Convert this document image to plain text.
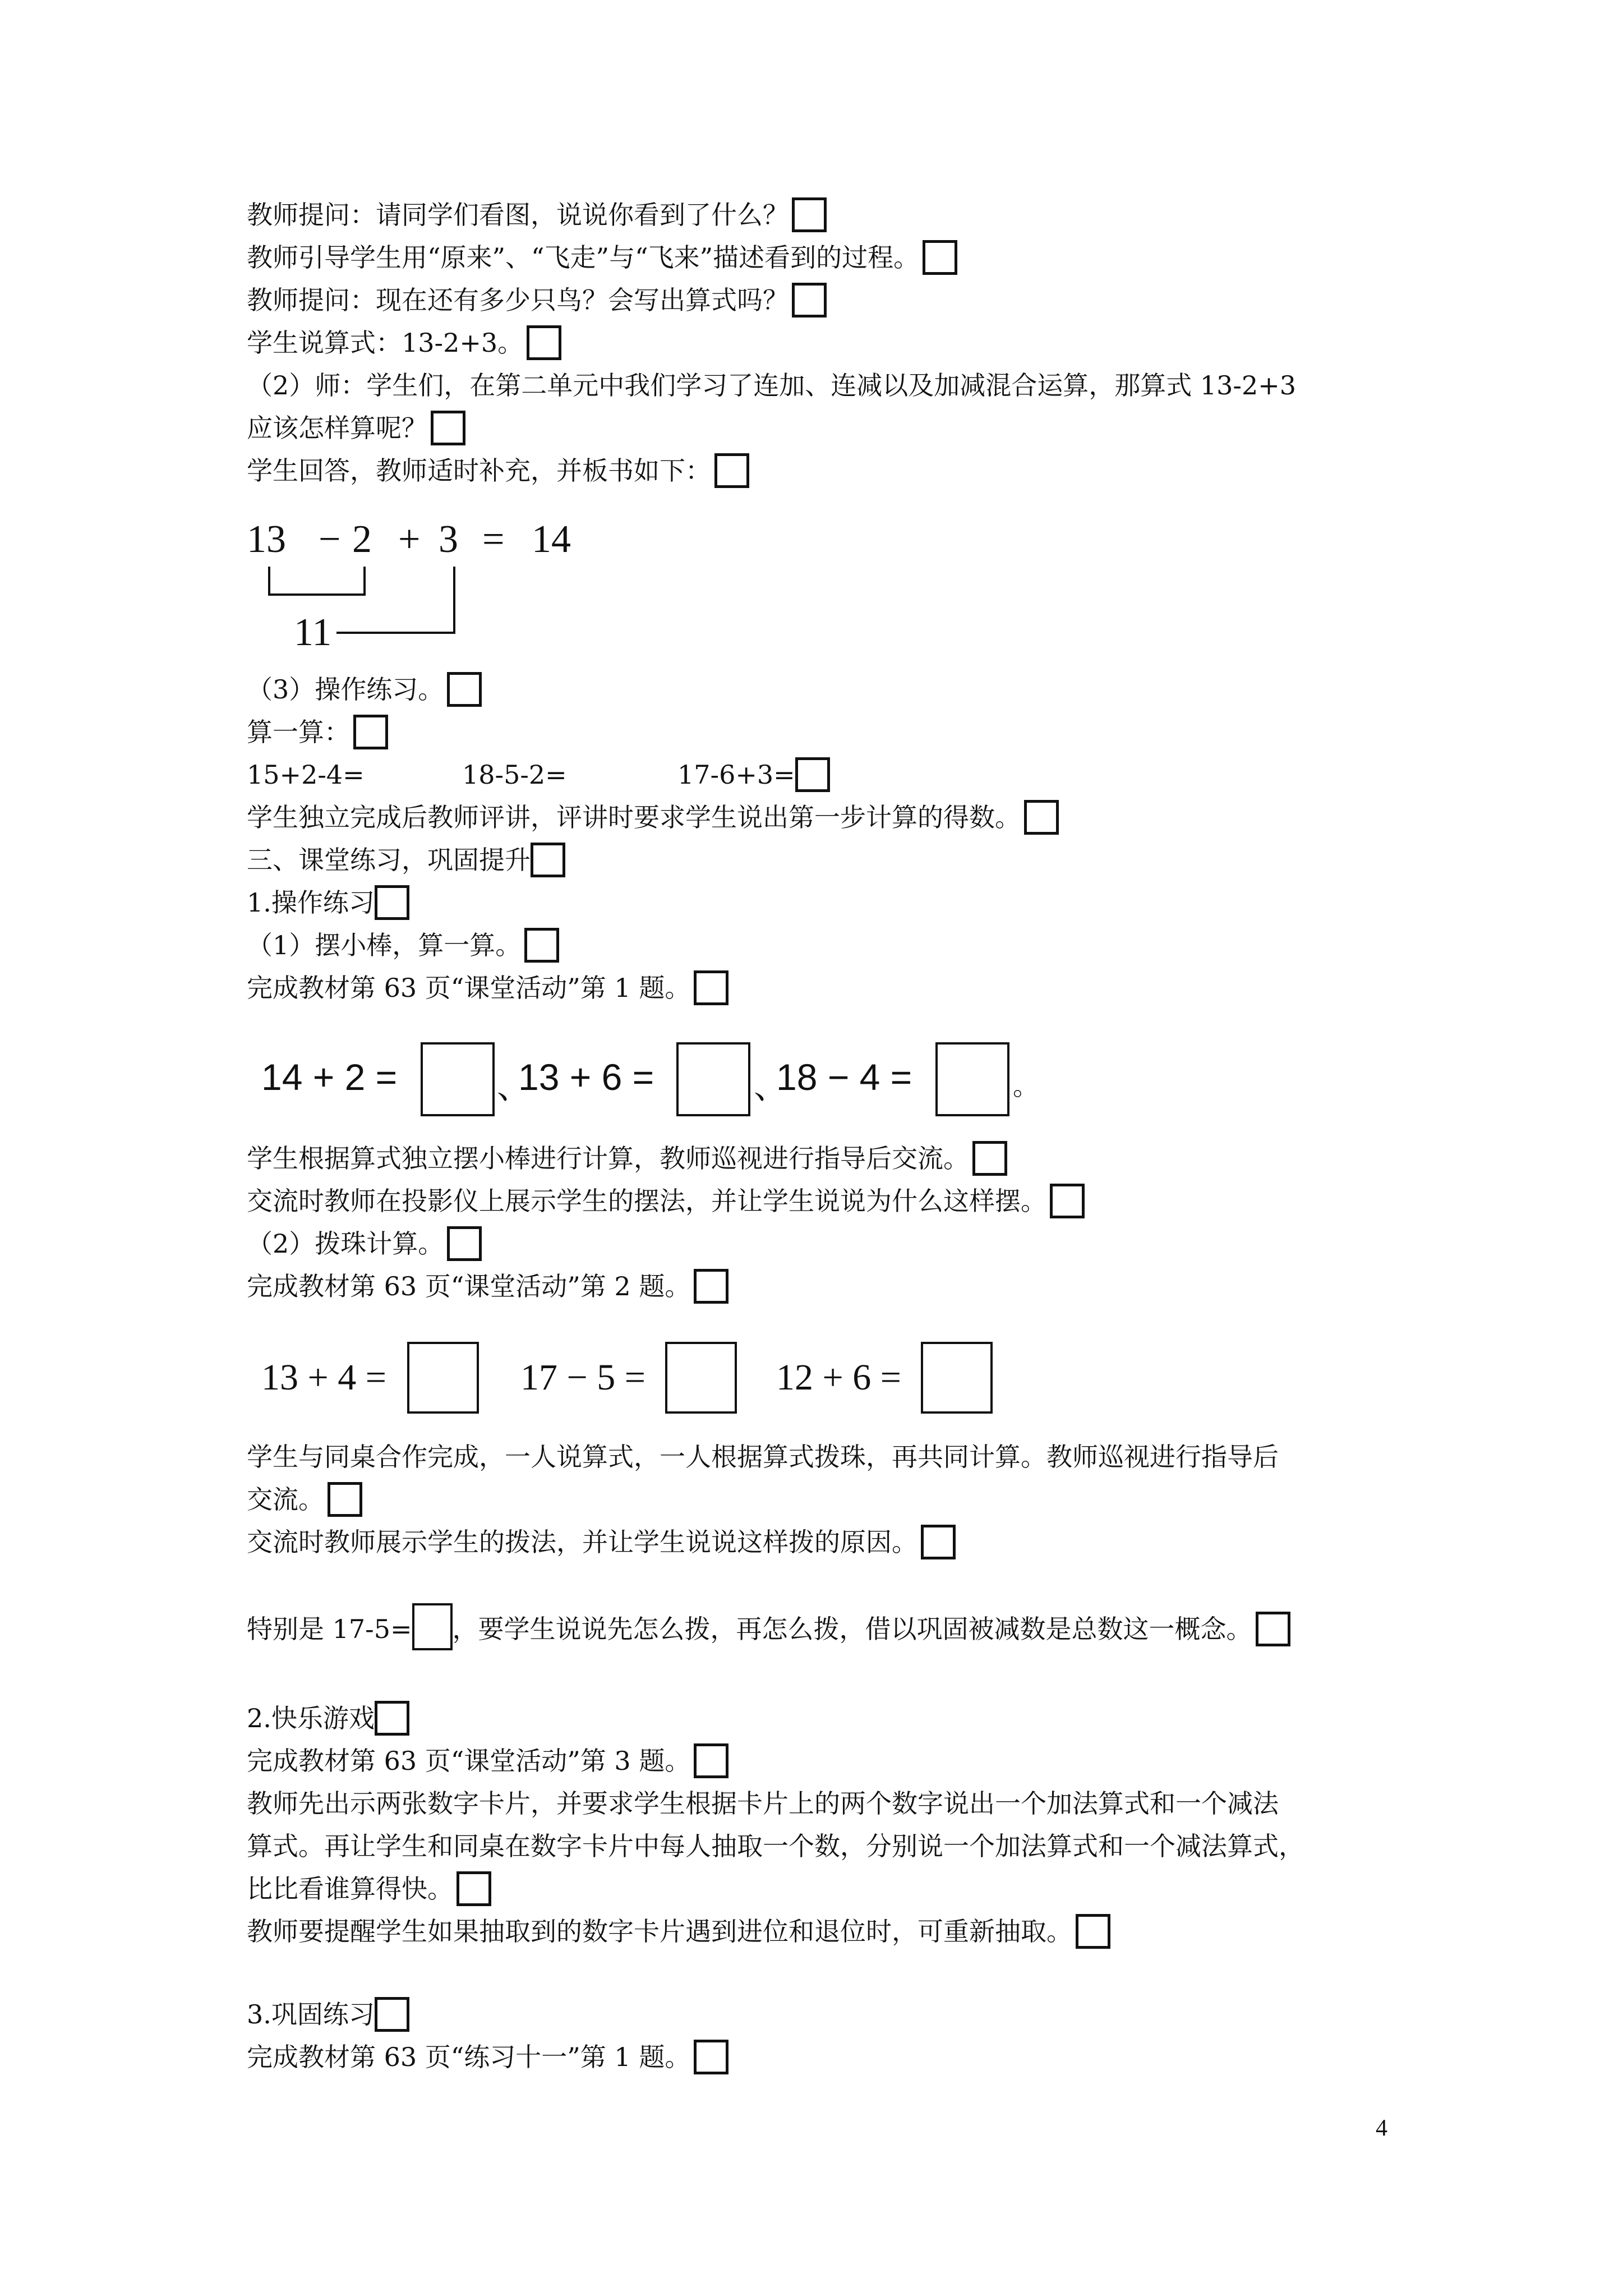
教师提问：请同学们看图，说说你看到了什么？
教师引导学生用“原来”、“飞走”与“飞来”描述看到的过程。
教师提问：现在还有多少只鸟？会写出算式吗？
学生说算式：13-2+3。
（2）师：学生们，在第二单元中我们学习了连加、连减以及加减混合运算，那算式 13-2+3
应该怎样算呢？
学生回答，教师适时补充，并板书如下：
13 − 2 + 3 = 14
11
（3）操作练习。
算一算：
15+2-4=	18-5-2=	17-6+3=
学生独立完成后教师评讲，评讲时要求学生说出第一步计算的得数。
三、课堂练习，巩固提升
1.操作练习
（1）摆小棒，算一算。
完成教材第 63 页“课堂活动”第 1 题。
14 + 2 =	、
13 + 6 =	、
18 − 4 =	。
学生根据算式独立摆小棒进行计算，教师巡视进行指导后交流。
交流时教师在投影仪上展示学生的摆法，并让学生说说为什么这样摆。
（2）拨珠计算。
完成教材第 63 页“课堂活动”第 2 题。
13 + 4 =	17 − 5 =	12 + 6 =
学生与同桌合作完成，一人说算式，一人根据算式拨珠，再共同计算。教师巡视进行指导后
交流。
交流时教师展示学生的拨法，并让学生说说这样拨的原因。
特别是 17-5= ，要学生说说先怎么拨，再怎么拨，借以巩固被减数是总数这一概念。
2.快乐游戏
完成教材第 63 页“课堂活动”第 3 题。
教师先出示两张数字卡片，并要求学生根据卡片上的两个数字说出一个加法算式和一个减法
算式。再让学生和同桌在数字卡片中每人抽取一个数，分别说一个加法算式和一个减法算式，
比比看谁算得快。
教师要提醒学生如果抽取到的数字卡片遇到进位和退位时，可重新抽取。
3.巩固练习
完成教材第 63 页“练习十一”第 1 题。
4
